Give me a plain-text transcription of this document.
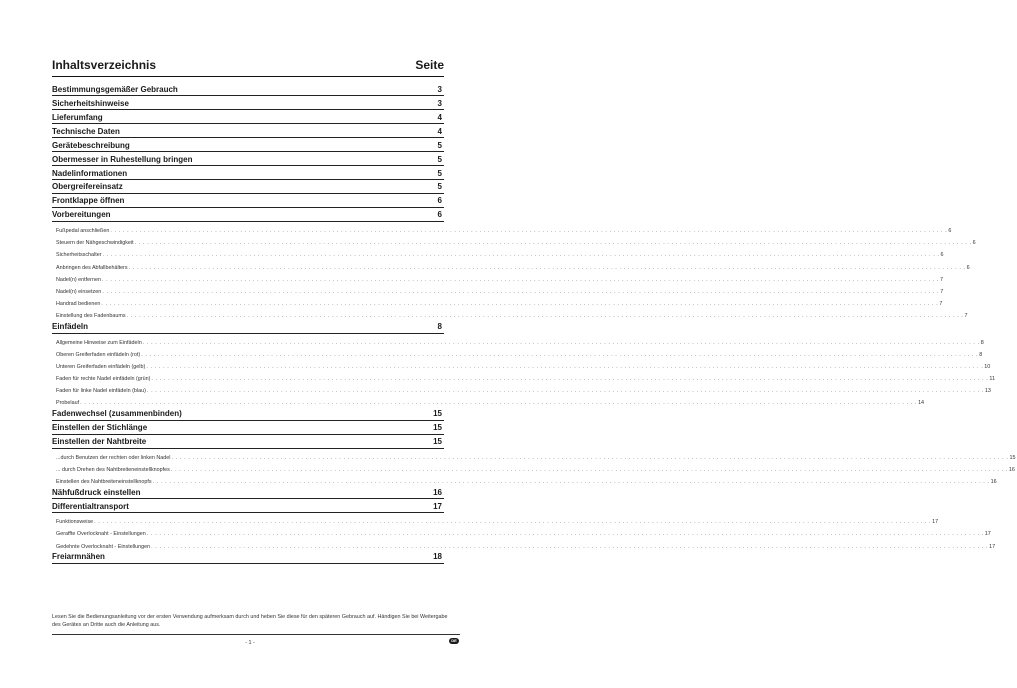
Inhaltsverzeichnis	Seite
Bestimmungsgemäßer Gebrauch	3
Sicherheitshinweise	3
Lieferumfang	4
Technische Daten	4
Gerätebeschreibung	5
Obermesser in Ruhestellung bringen	5
Nadelinformationen	5
Obergreifereinsatz	5
Frontklappe öffnen	6
Vorbereitungen	6
Fußpedal anschließen . . . . . . . . . . . . . . . . . . . . . . . . . . . . . . . . . . . . . . . . . . . . . . . . . . . . . . . . . . . . . . . . . . . . . . . . . . . . . . . . . . . . . . . . . . . . . . . . . . . . . . . . . . . . . . . . . . . . . . . . . . . . . . . . . . . . . . . . . . . . . . . . . . . . . . . . . . . . . . . . . . . . . . . . . . . . . . . . . . . . . . . . . . . . . . . . . . . . . . . . 6
Steuern der Nähgeschwindigkeit . . . . . . . . . . . . . . . . . . . . . . . . . . . . . . . . . . . . . . . . . . . . . . . . . . . . . . . . . . . . . . . . . . . . . . . . . . . . . . . . . . . . . . . . . . . . . . . . . . . . . . . . . . . . . . . . . . . . . . . . . . . . . . . . . . . . . . . . . . . . . . . . . . . . . . . . . . . . . . . . . . . . . . . . . . . . . . . . . . . . . . . . . . . . . . . . . . . . . . . . 6
Sicherheitsschalter . . . . . . . . . . . . . . . . . . . . . . . . . . . . . . . . . . . . . . . . . . . . . . . . . . . . . . . . . . . . . . . . . . . . . . . . . . . . . . . . . . . . . . . . . . . . . . . . . . . . . . . . . . . . . . . . . . . . . . . . . . . . . . . . . . . . . . . . . . . . . . . . . . . . . . . . . . . . . . . . . . . . . . . . . . . . . . . . . . . . . . . . . . . . . . . . . . . . . . . . 6
Anbringen des Abfallbehälters . . . . . . . . . . . . . . . . . . . . . . . . . . . . . . . . . . . . . . . . . . . . . . . . . . . . . . . . . . . . . . . . . . . . . . . . . . . . . . . . . . . . . . . . . . . . . . . . . . . . . . . . . . . . . . . . . . . . . . . . . . . . . . . . . . . . . . . . . . . . . . . . . . . . . . . . . . . . . . . . . . . . . . . . . . . . . . . . . . . . . . . . . . . . . . . . . . . . . . . . 6
Nadel(n) entfernen . . . . . . . . . . . . . . . . . . . . . . . . . . . . . . . . . . . . . . . . . . . . . . . . . . . . . . . . . . . . . . . . . . . . . . . . . . . . . . . . . . . . . . . . . . . . . . . . . . . . . . . . . . . . . . . . . . . . . . . . . . . . . . . . . . . . . . . . . . . . . . . . . . . . . . . . . . . . . . . . . . . . . . . . . . . . . . . . . . . . . . . . . . . . . . . . . . . . . . . . 7
Nadel(n) einsetzen . . . . . . . . . . . . . . . . . . . . . . . . . . . . . . . . . . . . . . . . . . . . . . . . . . . . . . . . . . . . . . . . . . . . . . . . . . . . . . . . . . . . . . . . . . . . . . . . . . . . . . . . . . . . . . . . . . . . . . . . . . . . . . . . . . . . . . . . . . . . . . . . . . . . . . . . . . . . . . . . . . . . . . . . . . . . . . . . . . . . . . . . . . . . . . . . . . . . . . . . 7
Handrad bedienen . . . . . . . . . . . . . . . . . . . . . . . . . . . . . . . . . . . . . . . . . . . . . . . . . . . . . . . . . . . . . . . . . . . . . . . . . . . . . . . . . . . . . . . . . . . . . . . . . . . . . . . . . . . . . . . . . . . . . . . . . . . . . . . . . . . . . . . . . . . . . . . . . . . . . . . . . . . . . . . . . . . . . . . . . . . . . . . . . . . . . . . . . . . . . . . . . . . . . . . . 7
Einstellung des Fadenbaums . . . . . . . . . . . . . . . . . . . . . . . . . . . . . . . . . . . . . . . . . . . . . . . . . . . . . . . . . . . . . . . . . . . . . . . . . . . . . . . . . . . . . . . . . . . . . . . . . . . . . . . . . . . . . . . . . . . . . . . . . . . . . . . . . . . . . . . . . . . . . . . . . . . . . . . . . . . . . . . . . . . . . . . . . . . . . . . . . . . . . . . . . . . . . . . . . . . . . . . . 7
Einfädeln	8
Allgemeine Hinweise zum Einfädeln . . . . . . . . . . . . . . . . . . . . . . . . . . . . . . . . . . . . . . . . . . . . . . . . . . . . . . . . . . . . . . . . . . . . . . . . . . . . . . . . . . . . . . . . . . . . . . . . . . . . . . . . . . . . . . . . . . . . . . . . . . . . . . . . . . . . . . . . . . . . . . . . . . . . . . . . . . . . . . . . . . . . . . . . . . . . . . . . . . . . . . . . . . . . . . . . . . . . . . . . 8
Oberen Greiferfaden einfädeln (rot) . . . . . . . . . . . . . . . . . . . . . . . . . . . . . . . . . . . . . . . . . . . . . . . . . . . . . . . . . . . . . . . . . . . . . . . . . . . . . . . . . . . . . . . . . . . . . . . . . . . . . . . . . . . . . . . . . . . . . . . . . . . . . . . . . . . . . . . . . . . . . . . . . . . . . . . . . . . . . . . . . . . . . . . . . . . . . . . . . . . . . . . . . . . . . . . . . . . . . . . . 8
Unteren Greiferfaden einfädeln (gelb) . . . . . . . . . . . . . . . . . . . . . . . . . . . . . . . . . . . . . . . . . . . . . . . . . . . . . . . . . . . . . . . . . . . . . . . . . . . . . . . . . . . . . . . . . . . . . . . . . . . . . . . . . . . . . . . . . . . . . . . . . . . . . . . . . . . . . . . . . . . . . . . . . . . . . . . . . . . . . . . . . . . . . . . . . . . . . . . . . . . . . . . . . . . . . . . . . . . . . . . . 10
Faden für rechte Nadel einfädeln (grün) . . . . . . . . . . . . . . . . . . . . . . . . . . . . . . . . . . . . . . . . . . . . . . . . . . . . . . . . . . . . . . . . . . . . . . . . . . . . . . . . . . . . . . . . . . . . . . . . . . . . . . . . . . . . . . . . . . . . . . . . . . . . . . . . . . . . . . . . . . . . . . . . . . . . . . . . . . . . . . . . . . . . . . . . . . . . . . . . . . . . . . . . . . . . . . . . . . . . . . . . 11
Faden für linke Nadel einfädeln (blau) . . . . . . . . . . . . . . . . . . . . . . . . . . . . . . . . . . . . . . . . . . . . . . . . . . . . . . . . . . . . . . . . . . . . . . . . . . . . . . . . . . . . . . . . . . . . . . . . . . . . . . . . . . . . . . . . . . . . . . . . . . . . . . . . . . . . . . . . . . . . . . . . . . . . . . . . . . . . . . . . . . . . . . . . . . . . . . . . . . . . . . . . . . . . . . . . . . . . . . . . 13
Probelauf . . . . . . . . . . . . . . . . . . . . . . . . . . . . . . . . . . . . . . . . . . . . . . . . . . . . . . . . . . . . . . . . . . . . . . . . . . . . . . . . . . . . . . . . . . . . . . . . . . . . . . . . . . . . . . . . . . . . . . . . . . . . . . . . . . . . . . . . . . . . . . . . . . . . . . . . . . . . . . . . . . . . . . . . . . . . . . . . . . . . . . . . . . . . . . . . . . . . . . . . 14
Fadenwechsel (zusammenbinden)	15
Einstellen der Stichlänge	15
Einstellen der Nahtbreite	15
...durch Benutzen der rechten oder linken Nadel . . . . . . . . . . . . . . . . . . . . . . . . . . . . . . . . . . . . . . . . . . . . . . . . . . . . . . . . . . . . . . . . . . . . . . . . . . . . . . . . . . . . . . . . . . . . . . . . . . . . . . . . . . . . . . . . . . . . . . . . . . . . . . . . . . . . . . . . . . . . . . . . . . . . . . . . . . . . . . . . . . . . . . . . . . . . . . . . . . . . . . . . . . . . . . . . . . . . . . . . 15
... durch Drehen des Nahtbreiteneinstellknopfes . . . . . . . . . . . . . . . . . . . . . . . . . . . . . . . . . . . . . . . . . . . . . . . . . . . . . . . . . . . . . . . . . . . . . . . . . . . . . . . . . . . . . . . . . . . . . . . . . . . . . . . . . . . . . . . . . . . . . . . . . . . . . . . . . . . . . . . . . . . . . . . . . . . . . . . . . . . . . . . . . . . . . . . . . . . . . . . . . . . . . . . . . . . . . . . . . . . . . . . . 16
Einstellen des Nahtbreiteneinstellknopfs . . . . . . . . . . . . . . . . . . . . . . . . . . . . . . . . . . . . . . . . . . . . . . . . . . . . . . . . . . . . . . . . . . . . . . . . . . . . . . . . . . . . . . . . . . . . . . . . . . . . . . . . . . . . . . . . . . . . . . . . . . . . . . . . . . . . . . . . . . . . . . . . . . . . . . . . . . . . . . . . . . . . . . . . . . . . . . . . . . . . . . . . . . . . . . . . . . . . . . . . 16
Nähfußdruck einstellen	16
Differentialtransport	17
Funktionsweise . . . . . . . . . . . . . . . . . . . . . . . . . . . . . . . . . . . . . . . . . . . . . . . . . . . . . . . . . . . . . . . . . . . . . . . . . . . . . . . . . . . . . . . . . . . . . . . . . . . . . . . . . . . . . . . . . . . . . . . . . . . . . . . . . . . . . . . . . . . . . . . . . . . . . . . . . . . . . . . . . . . . . . . . . . . . . . . . . . . . . . . . . . . . . . . . . . . . . . . . 17
Geraffte Overlocknaht - Einstellungen . . . . . . . . . . . . . . . . . . . . . . . . . . . . . . . . . . . . . . . . . . . . . . . . . . . . . . . . . . . . . . . . . . . . . . . . . . . . . . . . . . . . . . . . . . . . . . . . . . . . . . . . . . . . . . . . . . . . . . . . . . . . . . . . . . . . . . . . . . . . . . . . . . . . . . . . . . . . . . . . . . . . . . . . . . . . . . . . . . . . . . . . . . . . . . . . . . . . . . . . 17
Gedehnte Overlocknaht - Einstellungen . . . . . . . . . . . . . . . . . . . . . . . . . . . . . . . . . . . . . . . . . . . . . . . . . . . . . . . . . . . . . . . . . . . . . . . . . . . . . . . . . . . . . . . . . . . . . . . . . . . . . . . . . . . . . . . . . . . . . . . . . . . . . . . . . . . . . . . . . . . . . . . . . . . . . . . . . . . . . . . . . . . . . . . . . . . . . . . . . . . . . . . . . . . . . . . . . . . . . . . . 17
Freiarmnähen	18
Lesen Sie die Bedienungsanleitung vor der ersten Verwendung aufmerksam durch und heben Sie diese für den späteren Gebrauch auf. Händigen Sie bei Weitergabe des Gerätes an Dritte auch die Anleitung aus.
- 1 -	DE
